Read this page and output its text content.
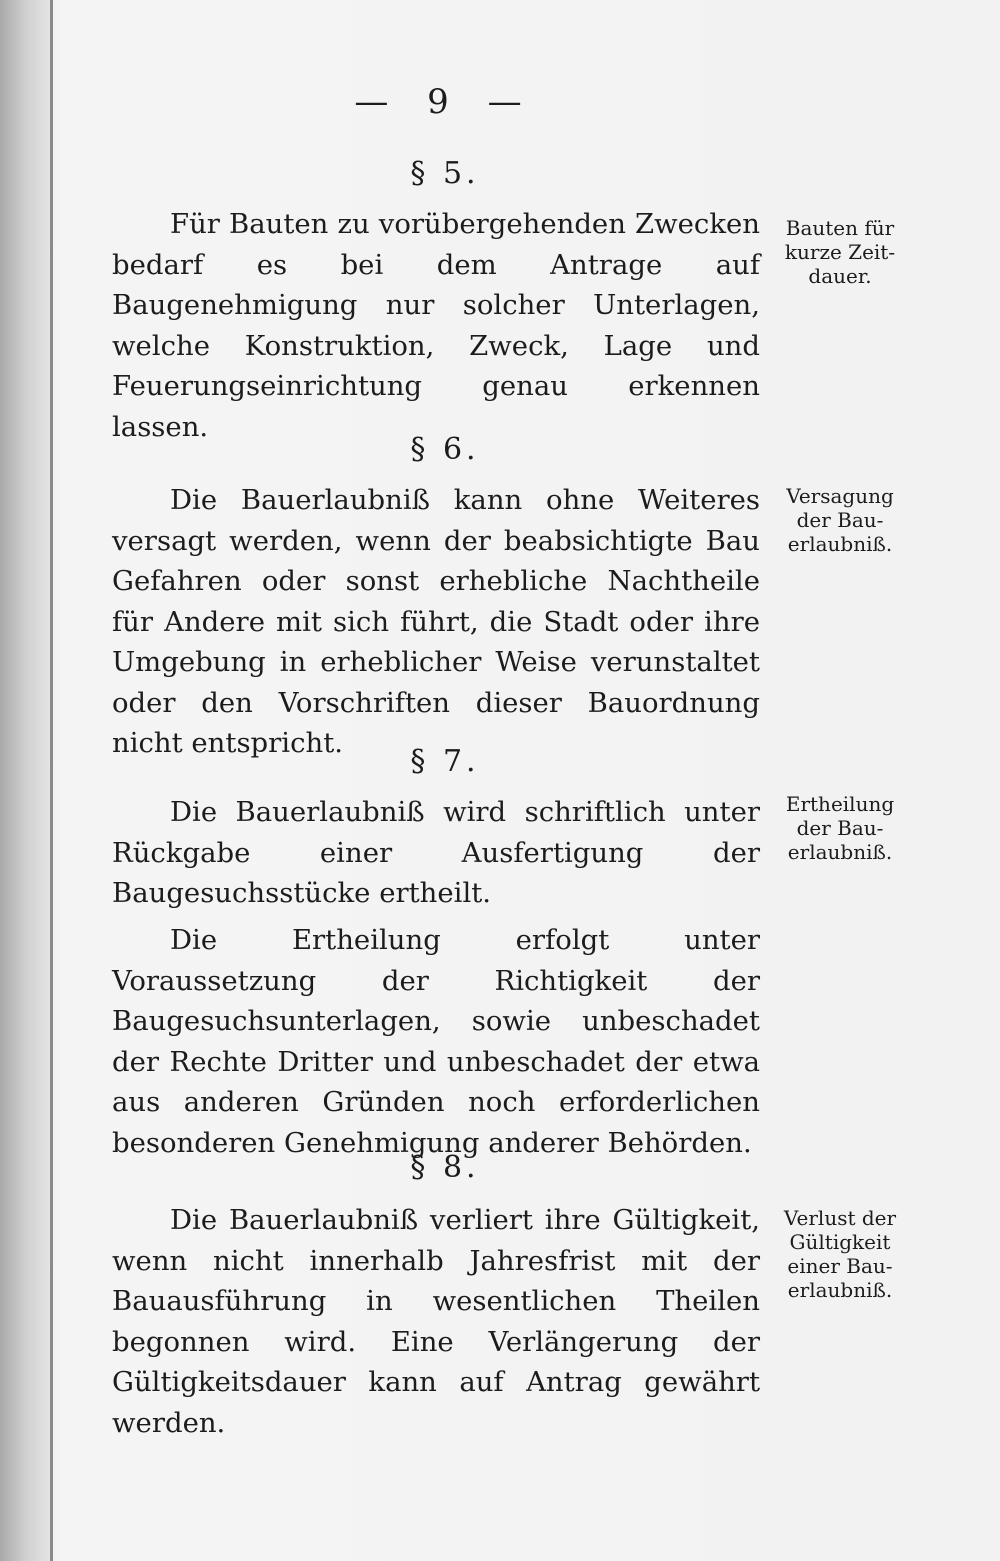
— 9 —
§ 5.

Für Bauten zu vorübergehenden Zwecken bedarf es bei dem Antrage auf Baugenehmigung nur solcher Unterlagen, welche Konstruktion, Zweck, Lage und Feuerungseinrichtung genau erkennen lassen.

Bauten für
kurze Zeit-
dauer.
§ 6.

Die Bauerlaubniß kann ohne Weiteres versagt werden, wenn der beabsichtigte Bau Gefahren oder sonst erhebliche Nachtheile für Andere mit sich führt, die Stadt oder ihre Umgebung in erheblicher Weise verunstaltet oder den Vorschriften dieser Bauordnung nicht entspricht.

Versagung
der Bau-
erlaubniß.
§ 7.

Die Bauerlaubniß wird schriftlich unter Rückgabe einer Ausfertigung der Baugesuchsstücke ertheilt.

Die Ertheilung erfolgt unter Voraussetzung der Richtigkeit der Baugesuchsunterlagen, sowie unbeschadet der Rechte Dritter und unbeschadet der etwa aus anderen Gründen noch erforderlichen besonderen Genehmigung anderer Behörden.

Ertheilung
der Bau-
erlaubniß.
§ 8.

Die Bauerlaubniß verliert ihre Gültigkeit, wenn nicht innerhalb Jahresfrist mit der Bauausführung in wesentlichen Theilen begonnen wird. Eine Verlängerung der Gültigkeitsdauer kann auf Antrag gewährt werden.

Verlust der
Gültigkeit
einer Bau-
erlaubniß.
